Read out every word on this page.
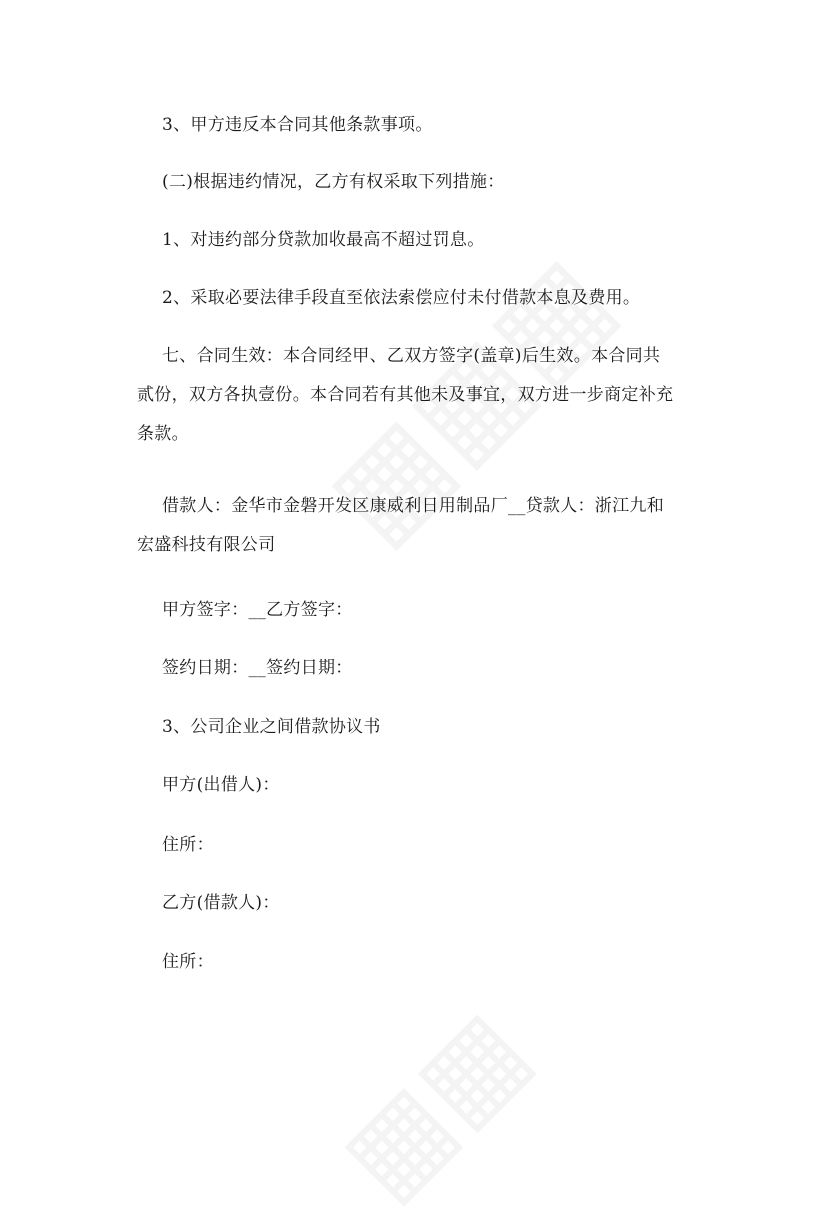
3、甲方违反本合同其他条款事项。
(二)根据违约情况，乙方有权采取下列措施：
1、对违约部分贷款加收最高不超过罚息。
2、采取必要法律手段直至依法索偿应付未付借款本息及费用。
七、合同生效：本合同经甲、乙双方签字(盖章)后生效。本合同共
贰份，双方各执壹份。本合同若有其他未及事宜，双方进一步商定补充
条款。
借款人：金华市金磐开发区康威利日用制品厂__贷款人：浙江九和
宏盛科技有限公司
甲方签字：__乙方签字：
签约日期：__签约日期：
3、公司企业之间借款协议书
甲方(出借人)：
住所：
乙方(借款人)：
住所：
